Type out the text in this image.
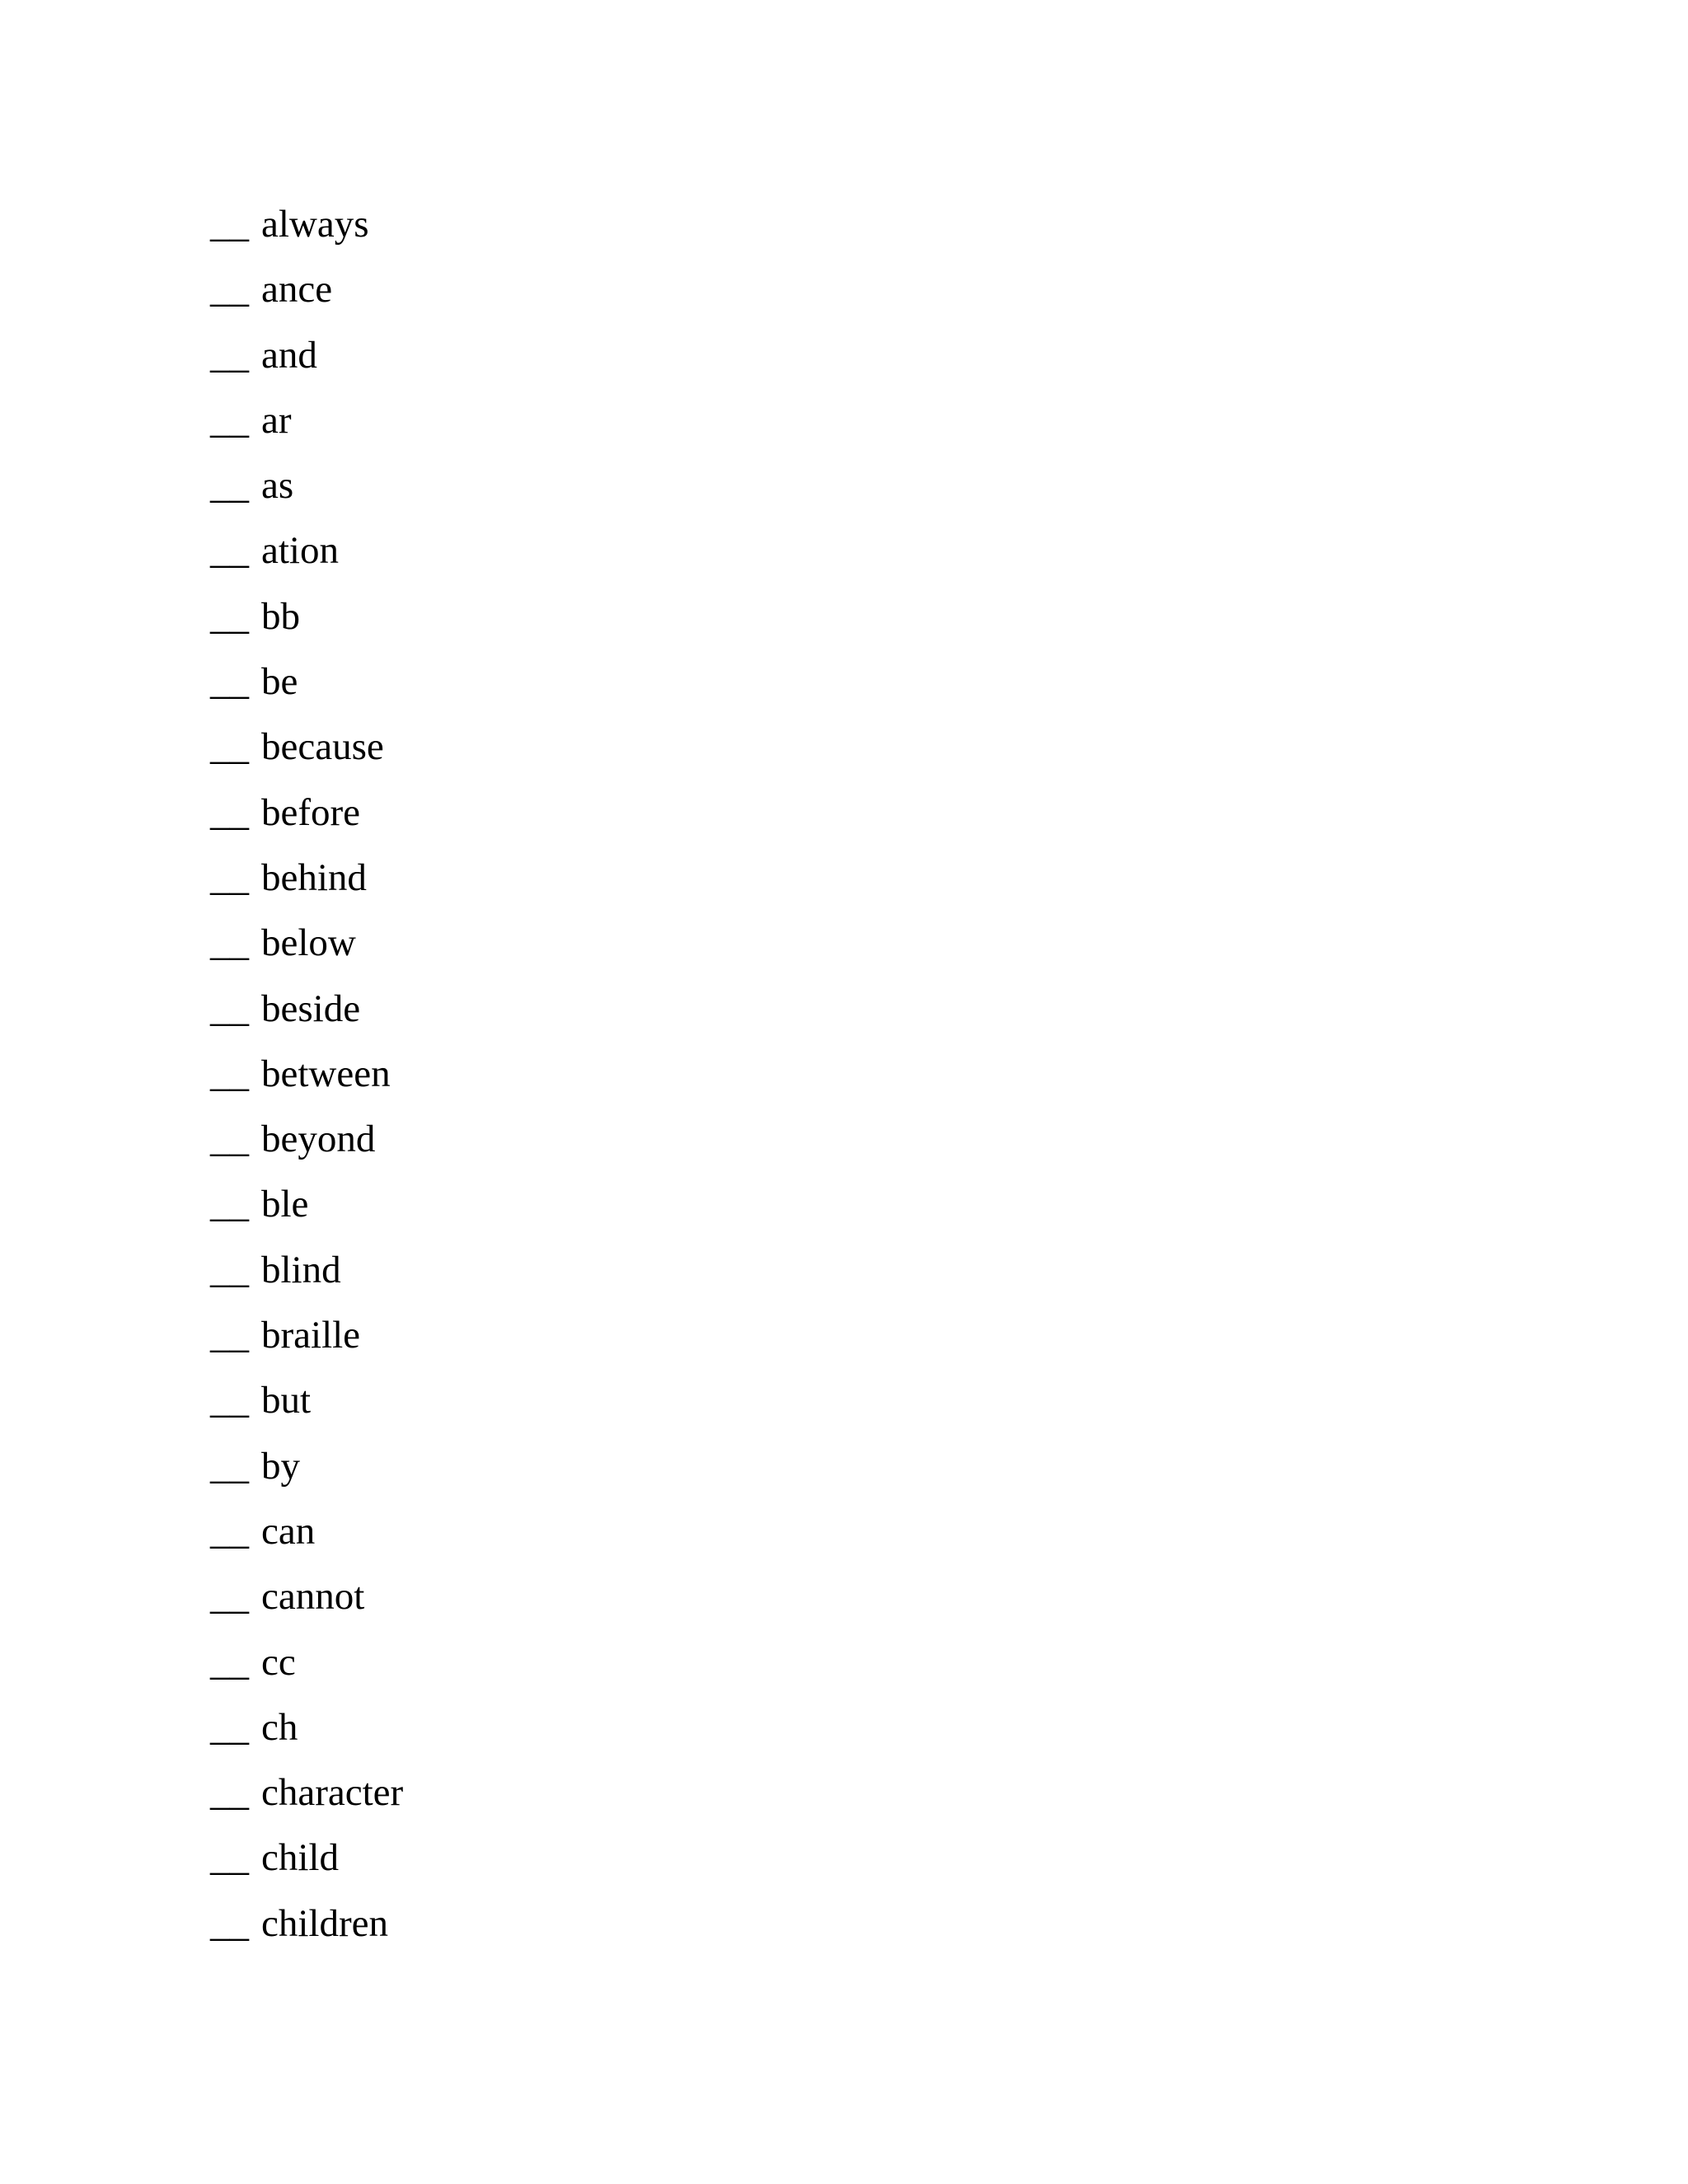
__ always
__ ance
__ and
__ ar
__ as
__ ation
__ bb
__ be
__ because
__ before
__ behind
__ below
__ beside
__ between
__ beyond
__ ble
__ blind
__ braille
__ but
__ by
__ can
__ cannot
__ cc
__ ch
__ character
__ child
__ children
